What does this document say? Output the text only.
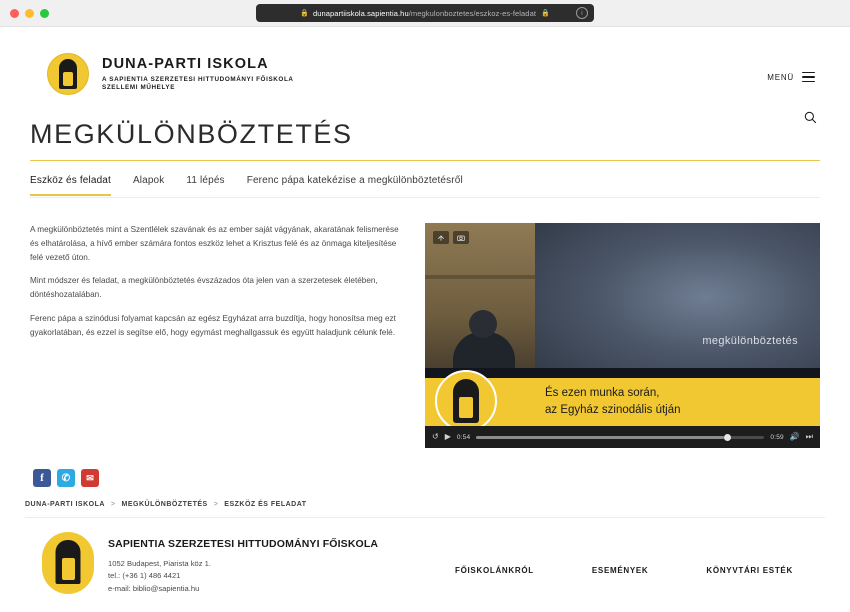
🔒 dunapartiiskola.sapientia.hu /megkulonboztetes/eszkoz-es-feladat 🔒	i
DUNA-PARTI ISKOLA
A SAPIENTIA SZERZETESI HITTUDOMÁNYI FŐISKOLA
SZELLEMI MŰHELYE
MENÜ
MEGKÜLÖNBÖZTETÉS
Eszköz és feladat Alapok 11 lépés Ferenc pápa katekézise a megkülönböztetésről

A megkülönböztetés mint a Szentlélek szavának és az ember saját vágyának, akaratának felismerése és elhatárolása, a hívő ember számára fontos eszköz lehet a Krisztus felé és az önmaga kiteljesítése felé vezető úton.

Mint módszer és feladat, a megkülönböztetés évszázados óta jelen van a szerzetesek életében, döntéshozatalában.

Ferenc pápa a szinódusi folyamat kapcsán az egész Egyházat arra buzdítja, hogy honosítsa meg ezt gyakorlatában, és ezzel is segítse elő, hogy egymást meghallgassuk és együtt haladjunk célunk felé.

megkülönböztetés
És ezen munka során,
az Egyház szinodális útján
↺ ▶ 0:54	0:59 🔊 ⏭
f	✆	✉
DUNA-PARTI ISKOLA > MEGKÜLÖNBÖZTETÉS > ESZKÖZ ÉS FELADAT
SAPIENTIA SZERZETESI HITTUDOMÁNYI FŐISKOLA
1052 Budapest, Piarista köz 1.
tel.: (+36 1) 486 4421
e-mail: biblio@sapientia.hu
FŐISKOLÁNKRÓL	ESEMÉNYEK	KÖNYVTÁRI ESTÉK
